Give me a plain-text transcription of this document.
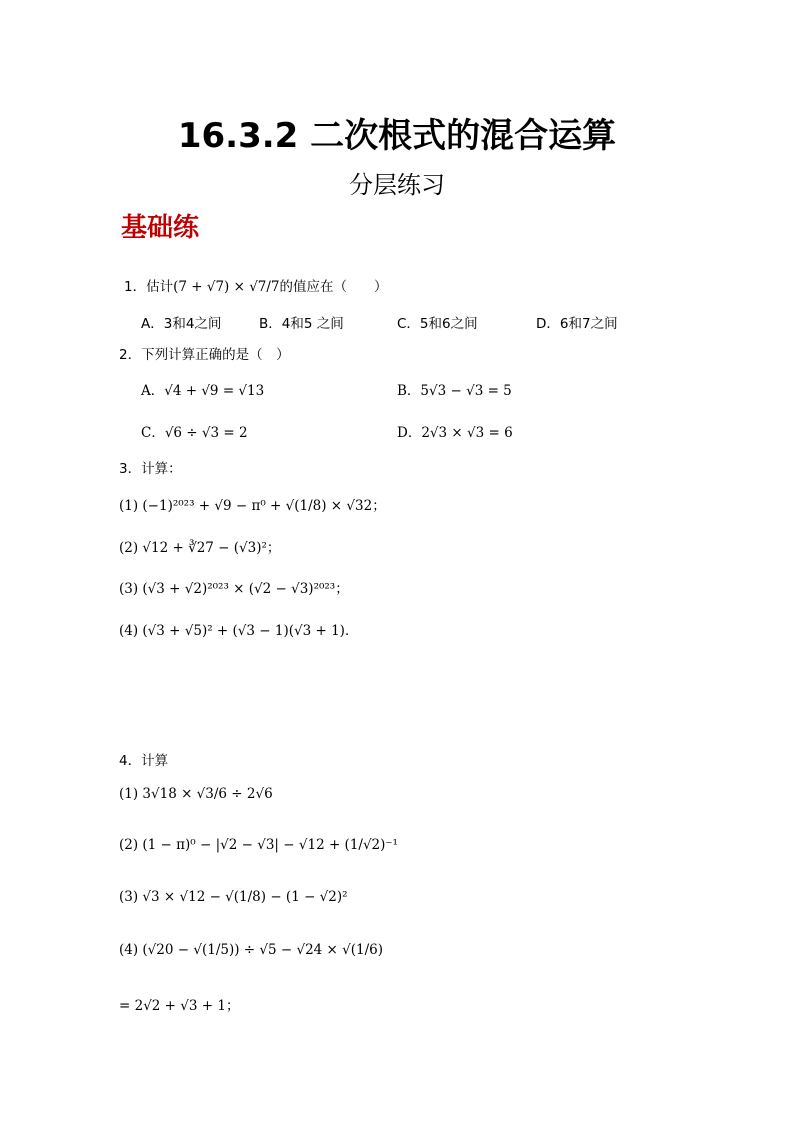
16.3.2 二次根式的混合运算
分层练习
基础练
1．估计(7 + √7) × √7/7的值应在（　　）
A．3和4之间	B．4和5 之间	C．5和6之间	D．6和7之间
2．下列计算正确的是（　）
A．√4 + √9 = √13	B．5√3 − √3 = 5
C．√6 ÷ √3 = 2	D．2√3 × √3 = 6
3．计算：
(1) (−1)²⁰²³ + √9 − π⁰ + √(1/8) × √32；
(2) √12 + ∛27 − (√3)²；
(3) (√3 + √2)²⁰²³ × (√2 − √3)²⁰²³；
(4) (√3 + √5)² + (√3 − 1)(√3 + 1)．
4．计算
(1) 3√18 × √3/6 ÷ 2√6
(2) (1 − π)⁰ − |√2 − √3| − √12 + (1/√2)⁻¹
(3) √3 × √12 − √(1/8) − (1 − √2)²
(4) (√20 − √(1/5)) ÷ √5 − √24 × √(1/6)
= 2√2 + √3 + 1；
